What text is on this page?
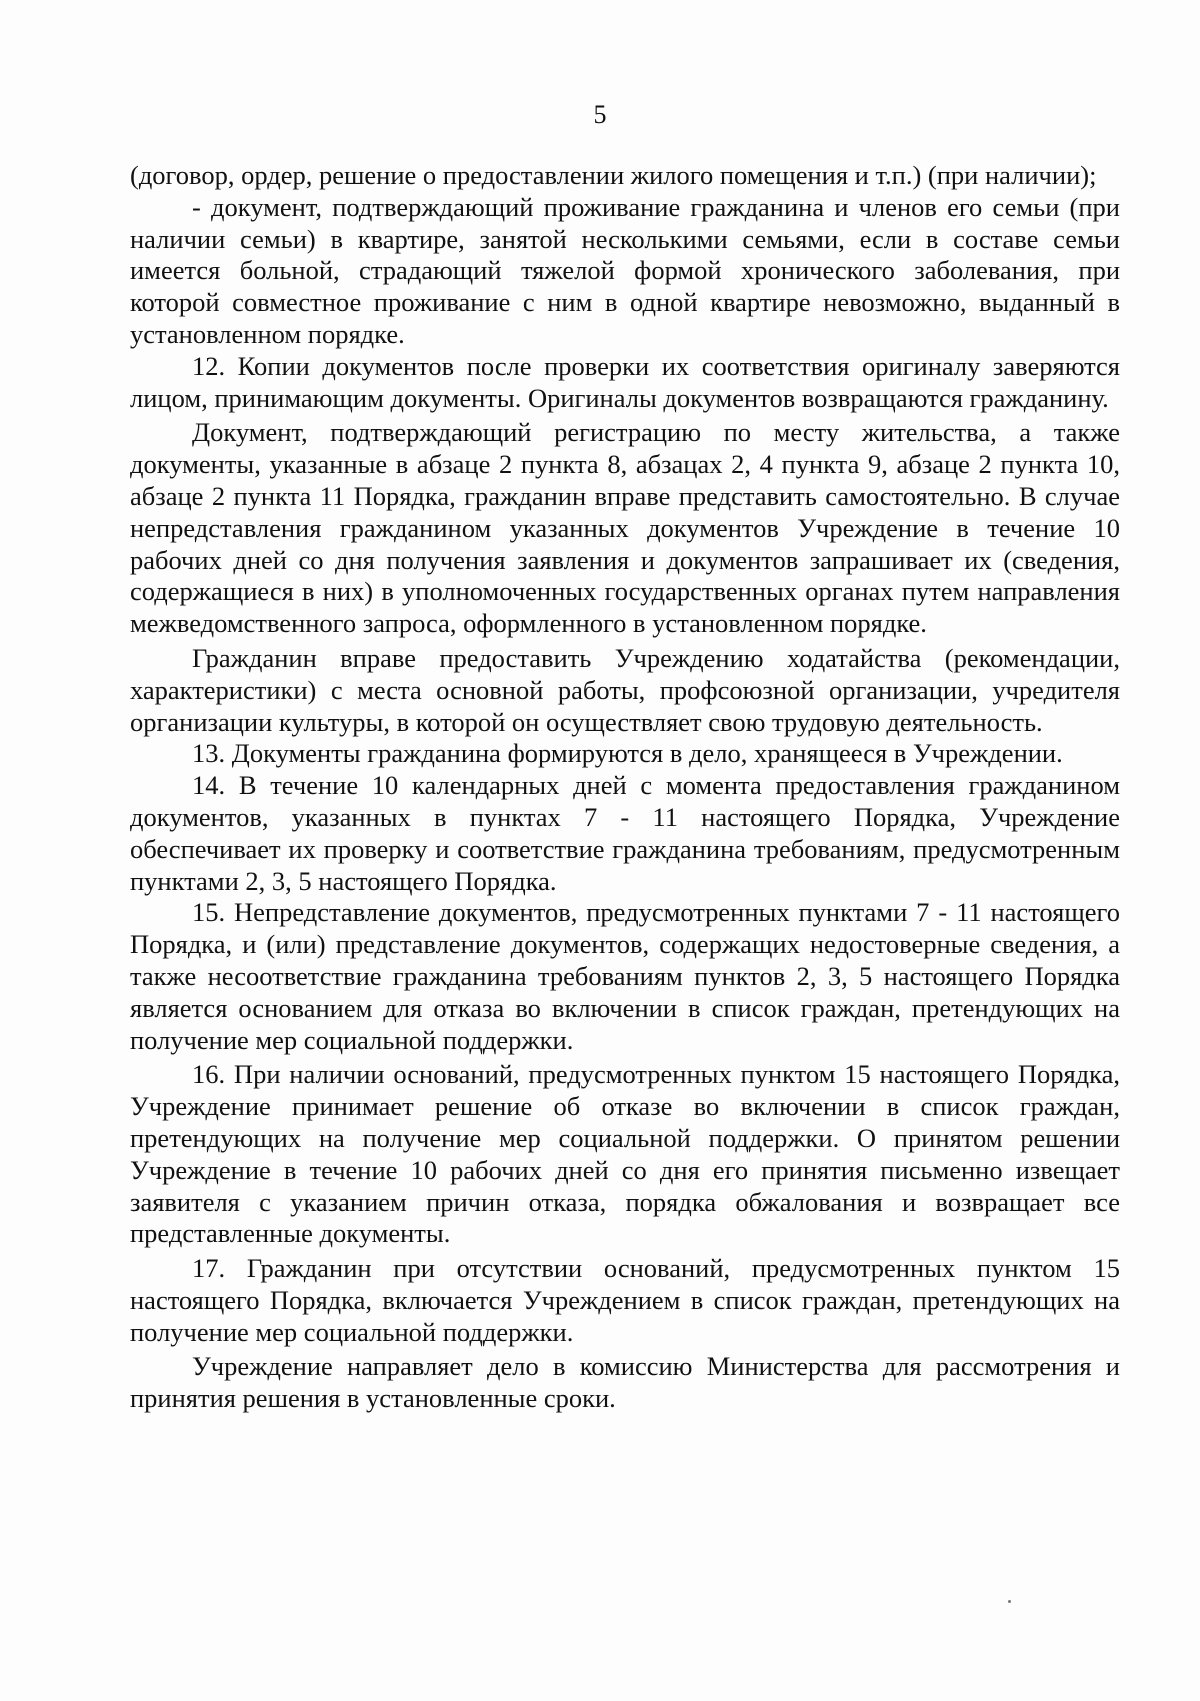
5

(договор, ордер, решение о предоставлении жилого помещения и т.п.) (при наличии);

- документ, подтверждающий проживание гражданина и членов его семьи (при наличии семьи) в квартире, занятой несколькими семьями, если в составе семьи имеется больной, страдающий тяжелой формой хронического заболевания, при которой совместное проживание с ним в одной квартире невозможно, выданный в установленном порядке.

12. Копии документов после проверки их соответствия оригиналу заверяются лицом, принимающим документы. Оригиналы документов возвращаются гражданину.

Документ, подтверждающий регистрацию по месту жительства, а также документы, указанные в абзаце 2 пункта 8, абзацах 2, 4 пункта 9, абзаце 2 пункта 10, абзаце 2 пункта 11 Порядка, гражданин вправе представить самостоятельно. В случае непредставления гражданином указанных документов Учреждение в течение 10 рабочих дней со дня получения заявления и документов запрашивает их (сведения, содержащиеся в них) в уполномоченных государственных органах путем направления межведомственного запроса, оформленного в установленном порядке.

Гражданин вправе предоставить Учреждению ходатайства (рекомендации, характеристики) с места основной работы, профсоюзной организации, учредителя организации культуры, в которой он осуществляет свою трудовую деятельность.

13. Документы гражданина формируются в дело, хранящееся в Учреждении.

14. В течение 10 календарных дней с момента предоставления гражданином документов, указанных в пунктах 7 - 11 настоящего Порядка, Учреждение обеспечивает их проверку и соответствие гражданина требованиям, предусмотренным пунктами 2, 3, 5 настоящего Порядка.

15. Непредставление документов, предусмотренных пунктами 7 - 11 настоящего Порядка, и (или) представление документов, содержащих недостоверные сведения, а также несоответствие гражданина требованиям пунктов 2, 3, 5 настоящего Порядка является основанием для отказа во включении в список граждан, претендующих на получение мер социальной поддержки.

16. При наличии оснований, предусмотренных пунктом 15 настоящего Порядка, Учреждение принимает решение об отказе во включении в список граждан, претендующих на получение мер социальной поддержки. О принятом решении Учреждение в течение 10 рабочих дней со дня его принятия письменно извещает заявителя с указанием причин отказа, порядка обжалования и возвращает все представленные документы.

17. Гражданин при отсутствии оснований, предусмотренных пунктом 15 настоящего Порядка, включается Учреждением в список граждан, претендующих на получение мер социальной поддержки.

Учреждение направляет дело в комиссию Министерства для рассмотрения и принятия решения в установленные сроки.
